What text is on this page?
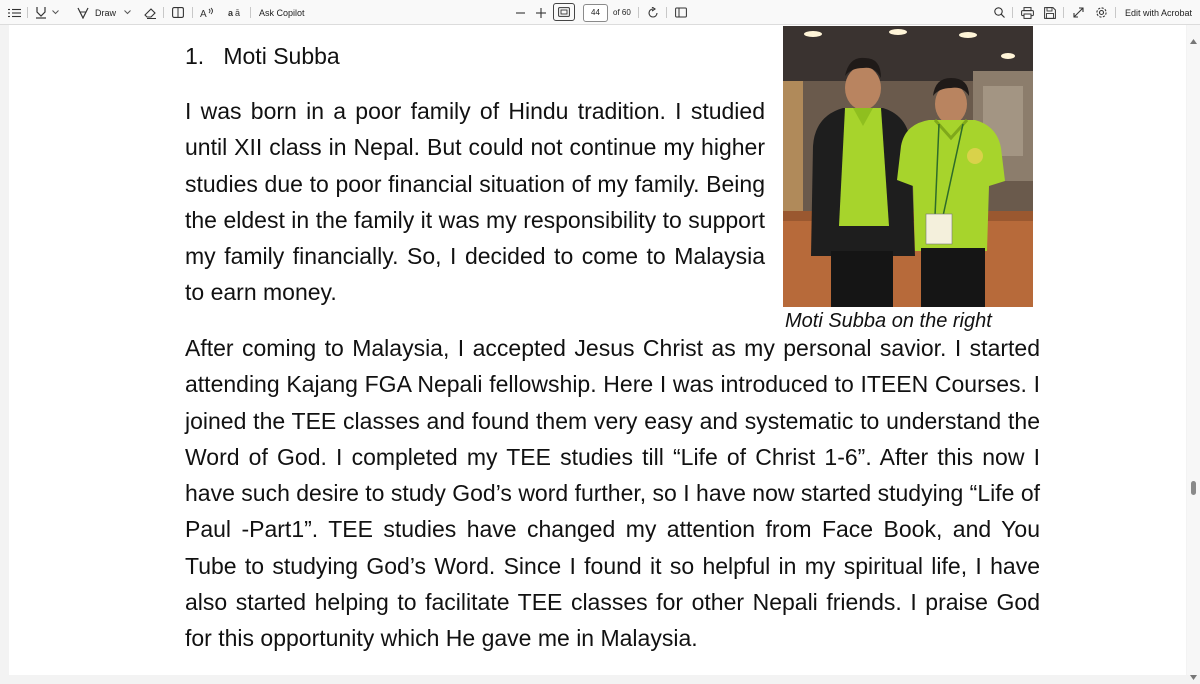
Draw	A a ā Ask Copilot	44	of 60	Edit with Acrobat
1.   Moti Subba
I was born in a poor family of Hindu tradition. I studied until XII class in Nepal. But could not continue my higher studies due to poor financial situation of my family. Being the eldest in the family it was my responsibility to support my family financially. So, I decided to come to Malaysia to earn money.
Moti Subba on the right
After coming to Malaysia, I accepted Jesus Christ as my personal savior. I started attending Kajang FGA Nepali fellowship. Here I was introduced to ITEEN Courses. I joined the TEE classes and found them very easy and systematic to understand the Word of God. I completed my TEE studies till “Life of Christ 1-6”. After this now I have such desire to study God’s word further, so I have now started studying “Life of Paul -Part1”. TEE studies have changed my attention from Face Book, and You Tube to studying God’s Word. Since I found it so helpful in my spiritual life, I have also started helping to facilitate TEE classes for other Nepali friends. I praise God for this opportunity which He gave me in Malaysia.
